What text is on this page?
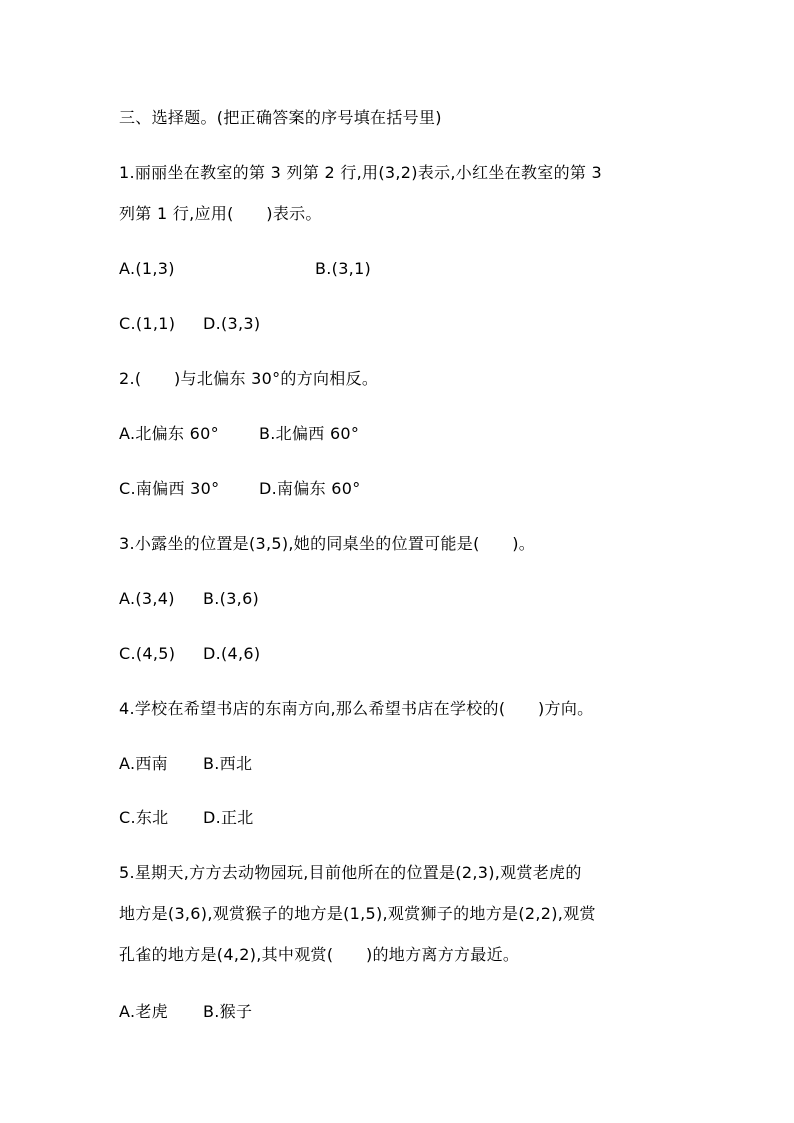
三、选择题。(把正确答案的序号填在括号里)
1.丽丽坐在教室的第 3 列第 2 行,用(3,2)表示,小红坐在教室的第 3
列第 1 行,应用(　　)表示。
A.(1,3)	B.(3,1)
C.(1,1) D.(3,3)
2.(　　)与北偏东 30°的方向相反。
A.北偏东 60°	B.北偏西 60°
C.南偏西 30° D.南偏东 60°
3.小露坐的位置是(3,5),她的同桌坐的位置可能是(　　)。
A.(3,4) B.(3,6)
C.(4,5) D.(4,6)
4.学校在希望书店的东南方向,那么希望书店在学校的(　　)方向。
A.西南 B.西北
C.东北 D.正北
5.星期天,方方去动物园玩,目前他所在的位置是(2,3),观赏老虎的
地方是(3,6),观赏猴子的地方是(1,5),观赏狮子的地方是(2,2),观赏
孔雀的地方是(4,2),其中观赏(　　)的地方离方方最近。
A.老虎 B.猴子
